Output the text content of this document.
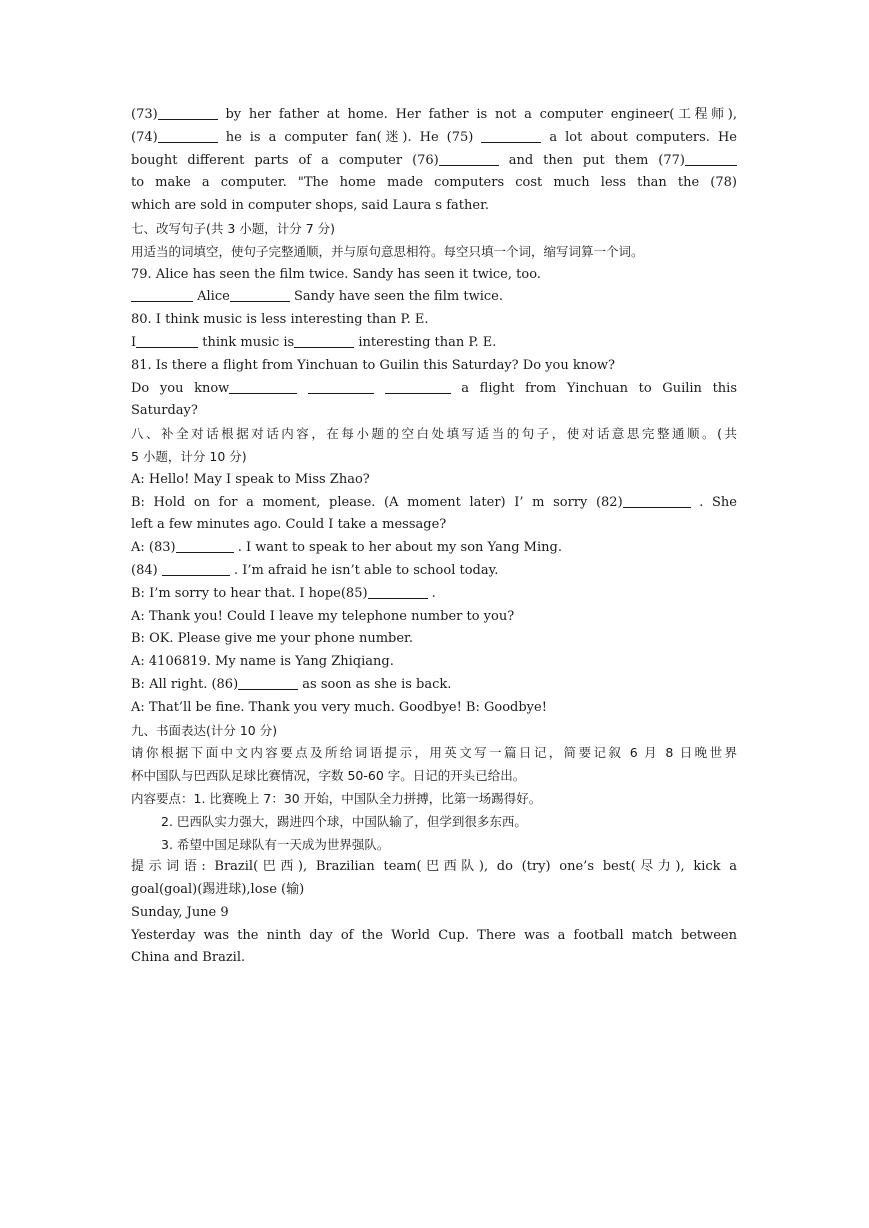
(73)	by her father at home. Her father is not a computer engineer(工程师),
(74)	he is a computer fan(迷). He (75)	a lot about computers. He
bought different parts of a computer (76)	and then put them (77)
to make a computer. "The home made computers cost much less than the (78)
which are sold in computer shops, said Laura s father.
七、改写句子(共 3 小题，计分 7 分)
用适当的词填空，使句子完整通顺，并与原句意思相符。每空只填一个词，缩写词算一个词。
79. Alice has seen the film twice. Sandy has seen it twice, too.
Alice	Sandy have seen the film twice.
80. I think music is less interesting than P. E.
I	think music is	interesting than P. E.
81. Is there a flight from Yinchuan to Guilin this Saturday? Do you know?
Do you know	a flight from Yinchuan to Guilin this
Saturday?
八、补全对话根据对话内容，在每小题的空白处填写适当的句子，使对话意思完整通顺。(共
5 小题，计分 10 分)
A: Hello! May I speak to Miss Zhao?
B: Hold on for a moment, please. (A moment later) I’ m sorry (82)	. She
left a few minutes ago. Could I take a message?
A: (83)	. I want to speak to her about my son Yang Ming.
(84)	. I’m afraid he isn’t able to school today.
B: I’m sorry to hear that. I hope(85)	.
A: Thank you! Could I leave my telephone number to you?
B: OK. Please give me your phone number.
A: 4106819. My name is Yang Zhiqiang.
B: All right. (86)	as soon as she is back.
A: That’ll be fine. Thank you very much. Goodbye! B: Goodbye!
九、书面表达(计分 10 分)
请你根据下面中文内容要点及所给词语提示，用英文写一篇日记，简要记叙 6 月 8 日晚世界
杯中国队与巴西队足球比赛情况，字数 50-60 字。日记的开头已给出。
内容要点：1. 比赛晚上 7：30 开始，中国队全力拼搏，比第一场踢得好。
2. 巴西队实力强大，踢进四个球，中国队输了，但学到很多东西。
3. 希望中国足球队有一天成为世界强队。
提示词语: Brazil(巴西), Brazilian team(巴西队), do (try) one’s best(尽力), kick a
goal(goal)(踢进球),lose (输)
Sunday, June 9
Yesterday was the ninth day of the World Cup. There was a football match between
China and Brazil.
